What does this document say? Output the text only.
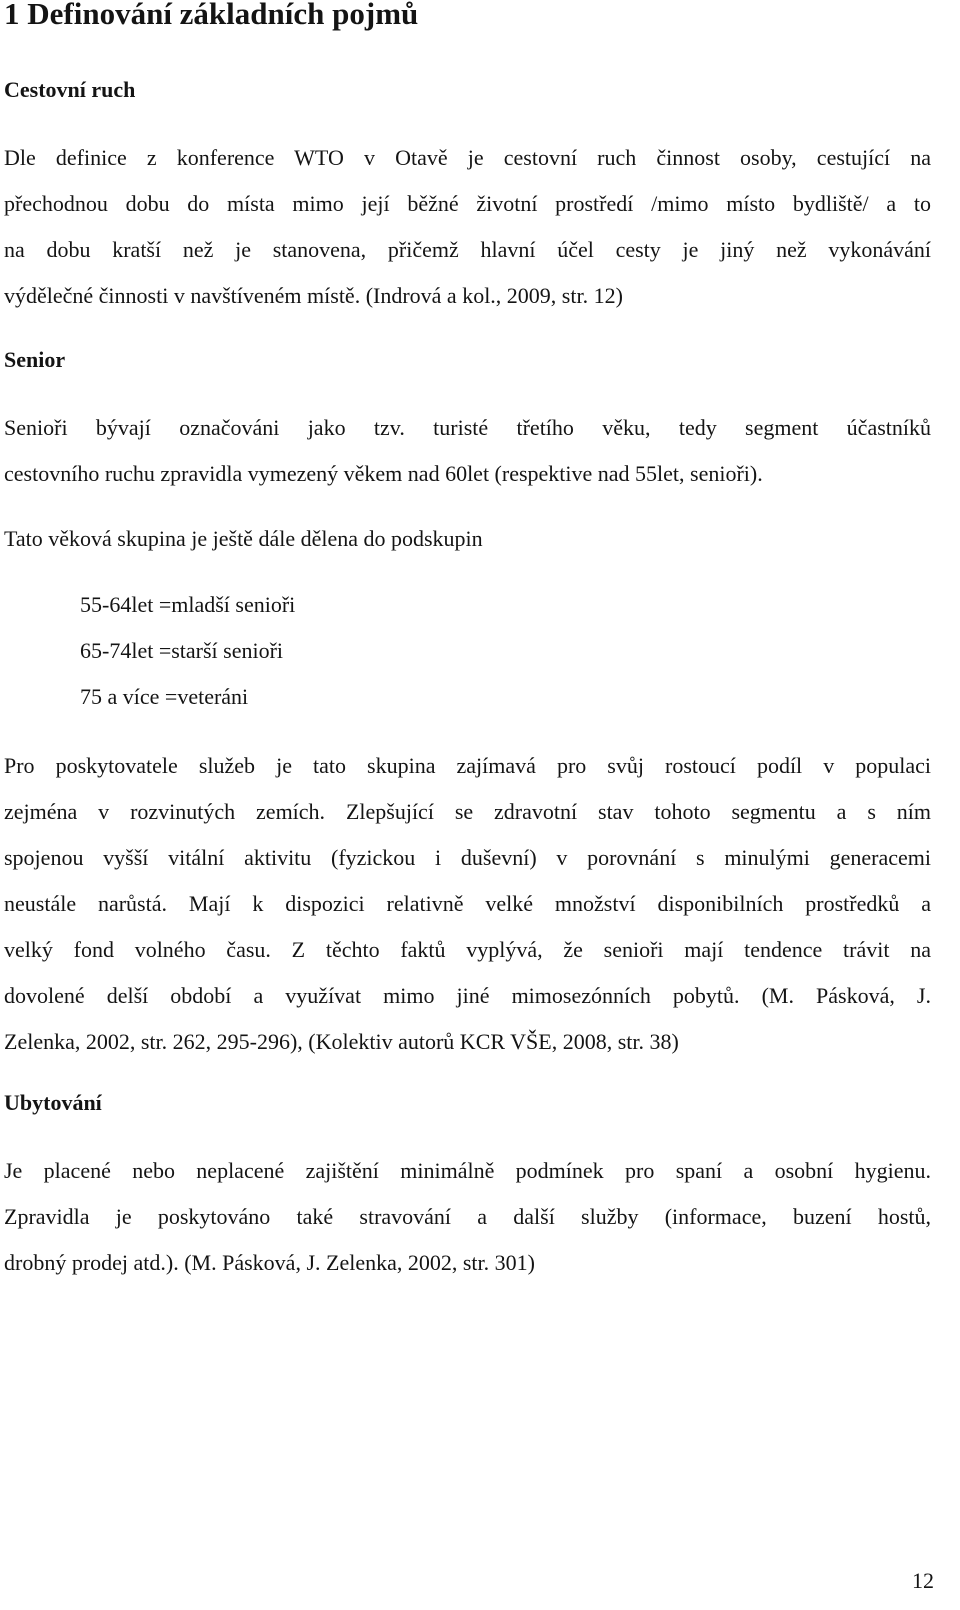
1 Definování základních pojmů
Cestovní ruch

Dle definice z konference WTO v Otavě je cestovní ruch činnost osoby, cestující na
přechodnou dobu do místa mimo její běžné životní prostředí /mimo místo bydliště/ a to
na dobu kratší než je stanovena, přičemž hlavní účel cesty je jiný než vykonávání
výdělečné činnosti v navštíveném místě. (Indrová a kol., 2009, str. 12)

Senior

Senioři bývají označováni jako tzv. turisté třetího věku, tedy segment účastníků
cestovního ruchu zpravidla vymezený věkem nad 60let (respektive nad 55let, senioři).

Tato věková skupina je ještě dále dělena do podskupin

55-64let =mladší senioři
65-74let =starší senioři
75 a více =veteráni

Pro poskytovatele služeb je tato skupina zajímavá pro svůj rostoucí podíl v populaci
zejména v rozvinutých zemích. Zlepšující se zdravotní stav tohoto segmentu a s ním
spojenou vyšší vitální aktivitu (fyzickou i duševní) v porovnání s minulými generacemi
neustále narůstá. Mají k dispozici relativně velké množství disponibilních prostředků a
velký fond volného času. Z těchto faktů vyplývá, že senioři mají tendence trávit na
dovolené delší období a využívat mimo jiné mimosezónních pobytů. (M. Pásková, J.
Zelenka, 2002, str. 262, 295-296), (Kolektiv autorů KCR VŠE, 2008, str. 38)

Ubytování

Je placené nebo neplacené zajištění minimálně podmínek pro spaní a osobní hygienu.
Zpravidla je poskytováno také stravování a další služby (informace, buzení hostů,
drobný prodej atd.). (M. Pásková, J. Zelenka, 2002, str. 301)

12
